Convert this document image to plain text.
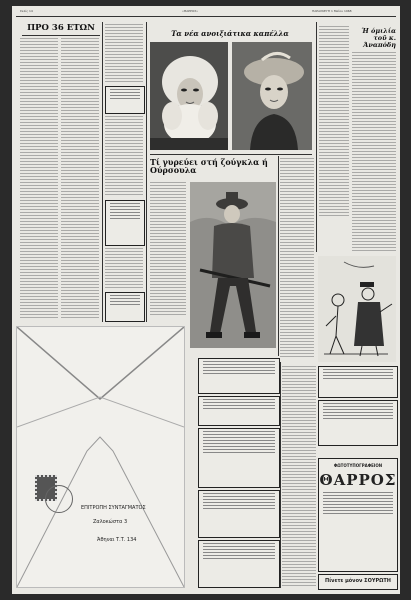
Σελίς 14	«ΘΑΡΡΟΣ»	ΠΑΡΑΣΚΕΥΗ 1 Μαΐου 1968
ΠΡΟ 36 ΕΤΩΝ
Τα νέα ανοιξιάτικα καπέλλα
Τί γυρεύει στή ζούγκλα ή Ούρσουλα
Ή όμιλία τοῦ κ. Άναπόδη
ΦΩΤΟΤΥΠΟΓΡΑΦΕΙΟΝ
ΘΑΡΡΟΣ
Πίνετε μόνον ΣΟΥΡΩΤΗ
ΕΠΙΤΡΟΠΗ ΣΥΝΤΑΓΜΑΤΟΣ
Ζαλοκώστα 3
Άθηναι Τ.Τ. 134
